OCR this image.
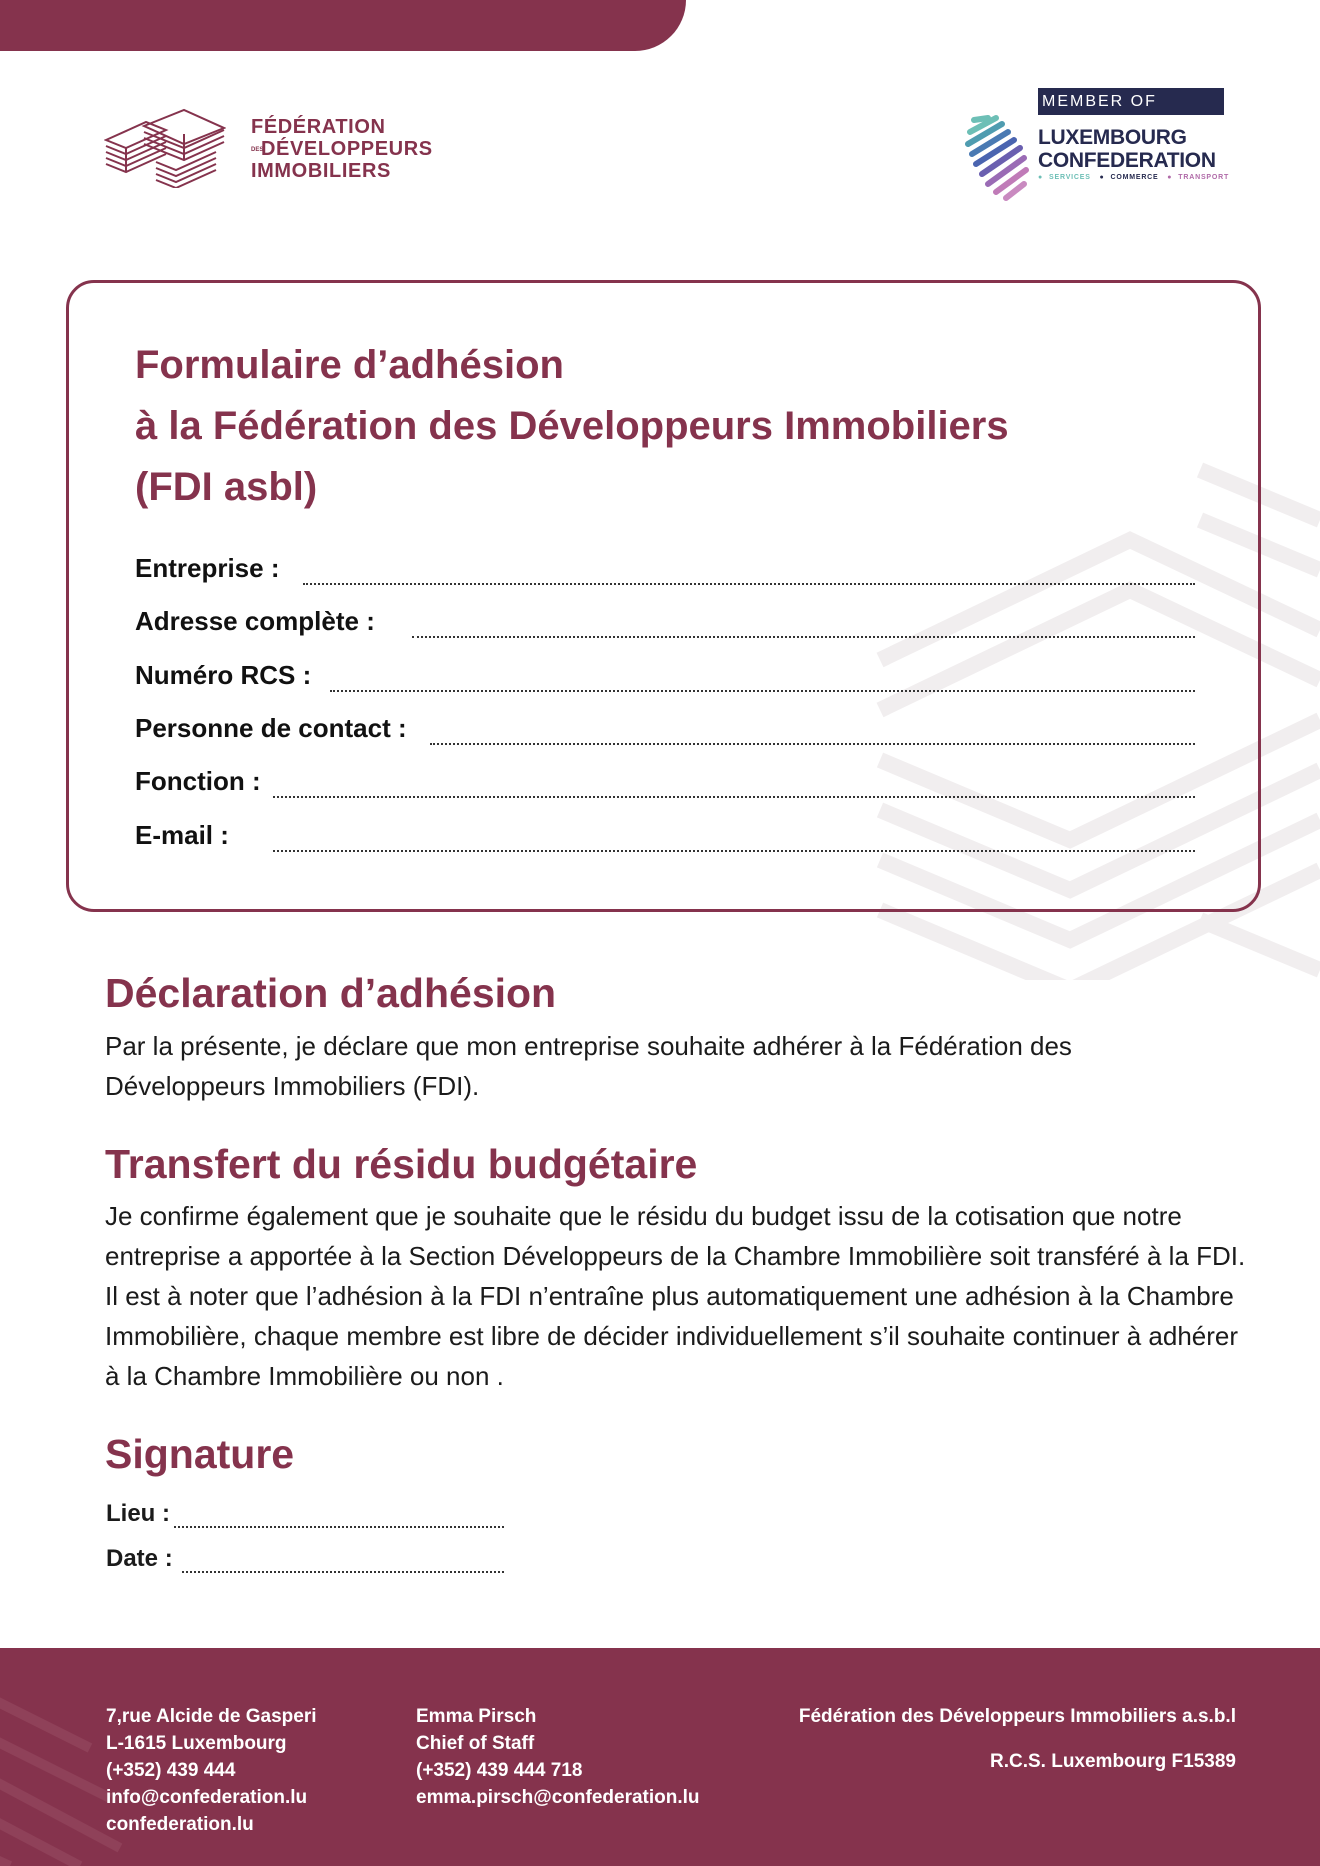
FÉDÉRATION
DESDÉVELOPPEURS
IMMOBILIERS
MEMBER OF
LUXEMBOURG
CONFEDERATION
● SERVICES ● COMMERCE ● TRANSPORT
Formulaire d’adhésion
à la Fédération des Développeurs Immobiliers
(FDI asbl)
Entreprise :
Adresse complète :
Numéro RCS :
Personne de contact :
Fonction :
E-mail :
Déclaration d’adhésion
Par la présente, je déclare que mon entreprise souhaite adhérer à la Fédération des Développeurs Immobiliers (FDI).
Transfert du résidu budgétaire
Je confirme également que je souhaite que le résidu du budget issu de la cotisation que notre entreprise a apportée à la Section Développeurs de la Chambre Immobilière soit transféré à la FDI. Il est à noter que l’adhésion à la FDI n’entraîne plus automatiquement une adhésion à la Chambre Immobilière, chaque membre est libre de décider individuellement s’il souhaite continuer à adhérer à la Chambre Immobilière ou non .
Signature
Lieu :
Date :
7,rue Alcide de Gasperi
L-1615 Luxembourg
(+352) 439 444
info@confederation.lu
confederation.lu
Emma Pirsch
Chief of Staff
(+352) 439 444 718
emma.pirsch@confederation.lu
Fédération des Développeurs Immobiliers a.s.b.l
R.C.S. Luxembourg F15389
